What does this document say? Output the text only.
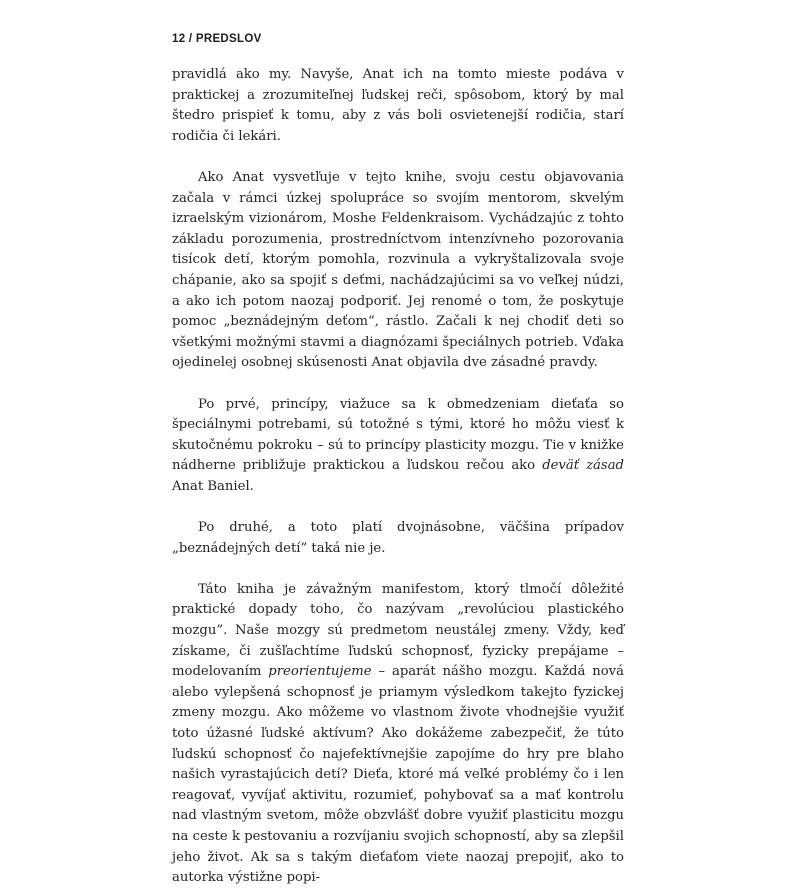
12 / PREDSLOV

pravidlá ako my. Navyše, Anat ich na tomto mieste podáva v praktickej a zrozumiteľnej ľudskej reči, spôsobom, ktorý by mal štedro prispieť k tomu, aby z vás boli osvietenejší rodičia, starí rodičia či lekári.

Ako Anat vysvetľuje v tejto knihe, svoju cestu objavovania začala v rámci úzkej spolupráce so svojím mentorom, skvelým izraelským vizionárom, Moshe Feldenkraisom. Vychádzajúc z tohto základu porozumenia, prostredníctvom intenzívneho pozorovania tisícok detí, ktorým pomohla, rozvinula a vykryštalizovala svoje chápanie, ako sa spojiť s deťmi, nachádzajúcimi sa vo veľkej núdzi, a ako ich potom naozaj podporiť. Jej renomé o tom, že poskytuje pomoc „beznádejným deťom“, rástlo. Začali k nej chodiť deti so všetkými možnými stavmi a diagnózami špeciálnych potrieb. Vďaka ojedinelej osobnej skúsenosti Anat objavila dve zásadné pravdy.

Po prvé, princípy, viažuce sa k obmedzeniam dieťaťa so špeciálnymi potrebami, sú totožné s tými, ktoré ho môžu viesť k skutočnému pokroku – sú to princípy plasticity mozgu. Tie v knižke nádherne približuje praktickou a ľudskou rečou ako deväť zásad Anat Baniel.

Po druhé, a toto platí dvojnásobne, väčšina prípadov „beznádejných detí” taká nie je.

Táto kniha je závažným manifestom, ktorý tlmočí dôležité praktické dopady toho, čo nazývam „revolúciou plastického mozgu”. Naše mozgy sú predmetom neustálej zmeny. Vždy, keď získame, či zušľachtíme ľudskú schopnosť, fyzicky prepájame – modelovaním preorientujeme – aparát nášho mozgu. Každá nová alebo vylepšená schopnosť je priamym výsledkom takejto fyzickej zmeny mozgu. Ako môžeme vo vlastnom živote vhodnejšie využiť toto úžasné ľudské aktívum? Ako dokážeme zabezpečiť, že túto ľudskú schopnosť čo najefektívnejšie zapojíme do hry pre blaho našich vyrastajúcich detí? Dieťa, ktoré má veľké problémy čo i len reagovať, vyvíjať aktivitu, rozumieť, pohybovať sa a mať kontrolu nad vlastným svetom, môže obzvlášť dobre využiť plasticitu mozgu na ceste k pestovaniu a rozvíjaniu svojich schopností, aby sa zlepšil jeho život. Ak sa s takým dieťaťom viete naozaj prepojiť, ako to autorka výstižne popi-
